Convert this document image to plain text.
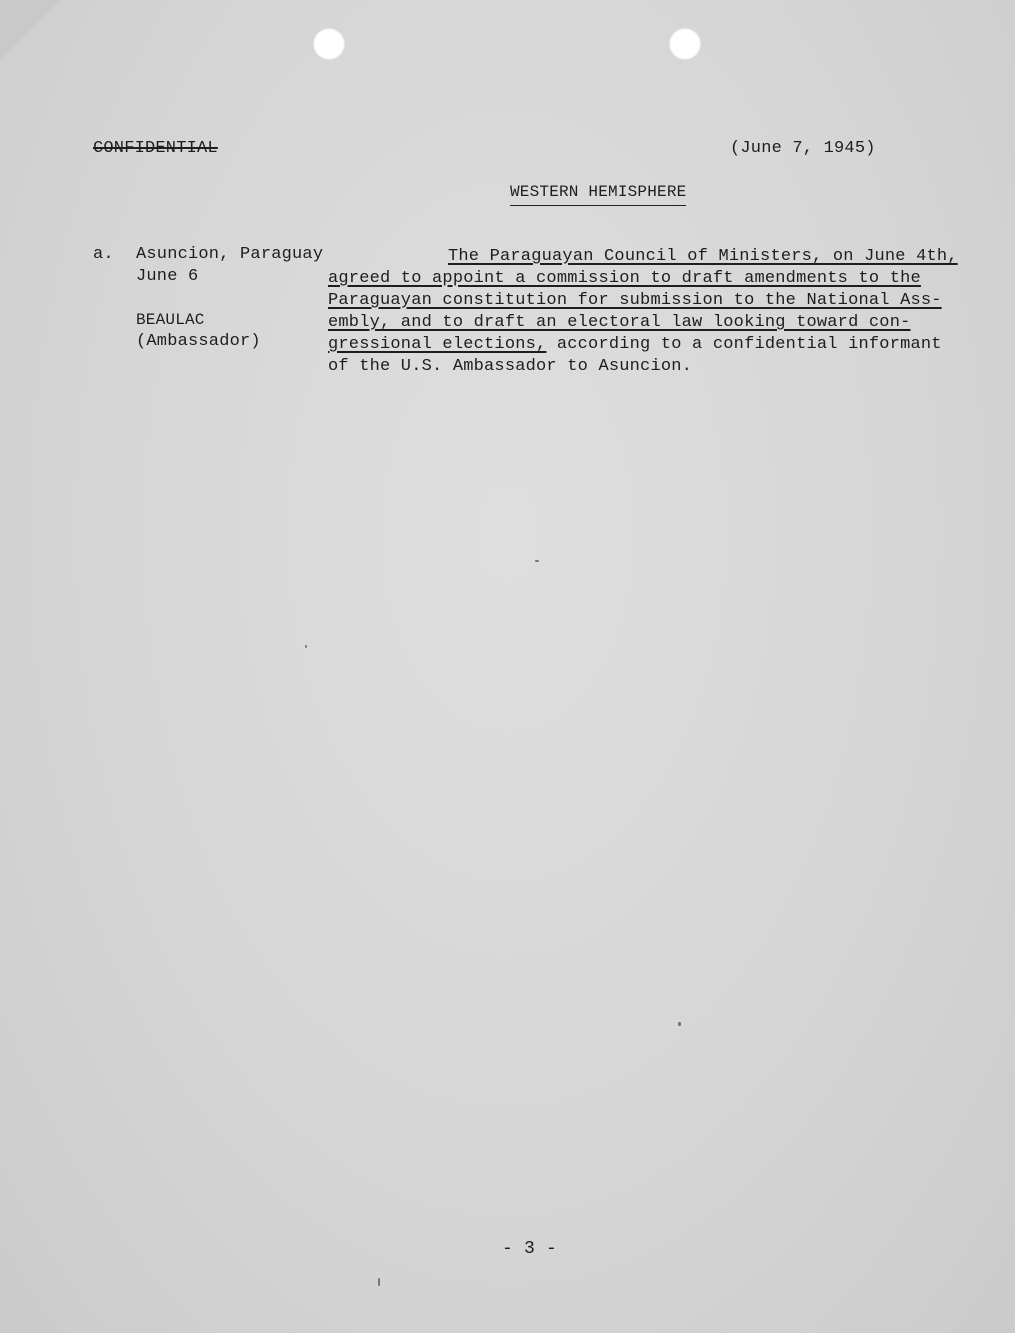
CONFIDENTIAL	(June 7, 1945)
WESTERN HEMISPHERE
a. Asuncion, Paraguay
June 6
BEAULAC
(Ambassador)
The Paraguayan Council of Ministers, on June 4th,
agreed to appoint a commission to draft amendments to the
Paraguayan constitution for submission to the National Ass-
embly, and to draft an electoral law looking toward con-
gressional elections, according to a confidential informant
of the U.S. Ambassador to Asuncion.
- 3 -
